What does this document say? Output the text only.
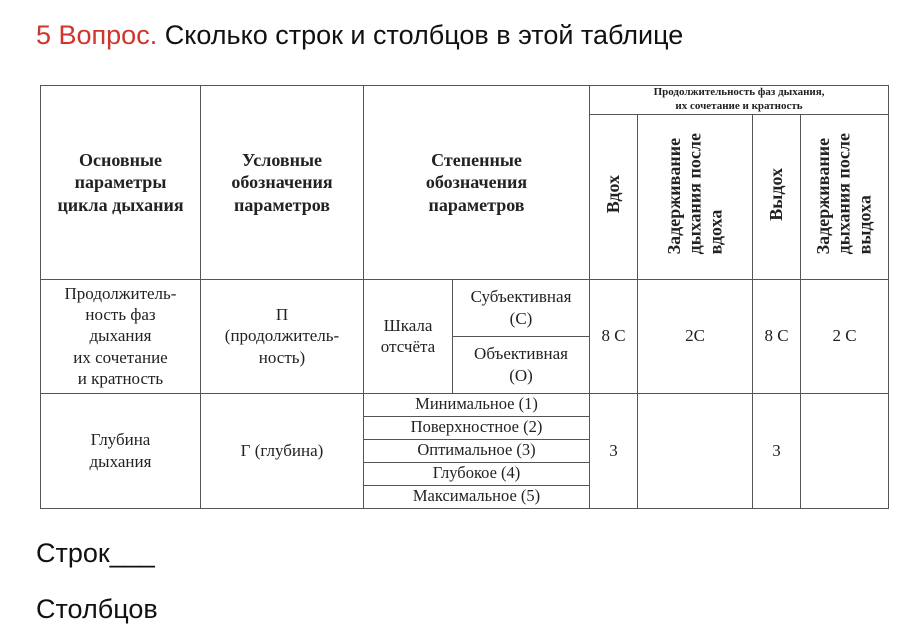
5 Вопрос. Сколько строк и столбцов в этой таблице
Основные
параметры
цикла дыхания	Условные
обозначения
параметров	Степенные
обозначения
параметров		Продолжительность фаз дыхания,
их сочетание и кратность			

				Вдох	Задерживание
дыхания после
вдоха	Выдох	Задерживание
дыхания после
выдоха

Продолжитель-
ность фаз
дыхания
их сочетание
и кратность	П
(продолжитель-
ность)	Шкала
отсчёта	Субъективная
(С)	8 С	2С	8 С	2 С

			Объективная
(О)				

Глубина
дыхания	Г (глубина)	Минимальное (1)		3		3	

		Поверхностное (2)					

		Оптимальное (3)					

		Глубокое (4)					

		Максимальное (5)					
Строк___
Столбцов
